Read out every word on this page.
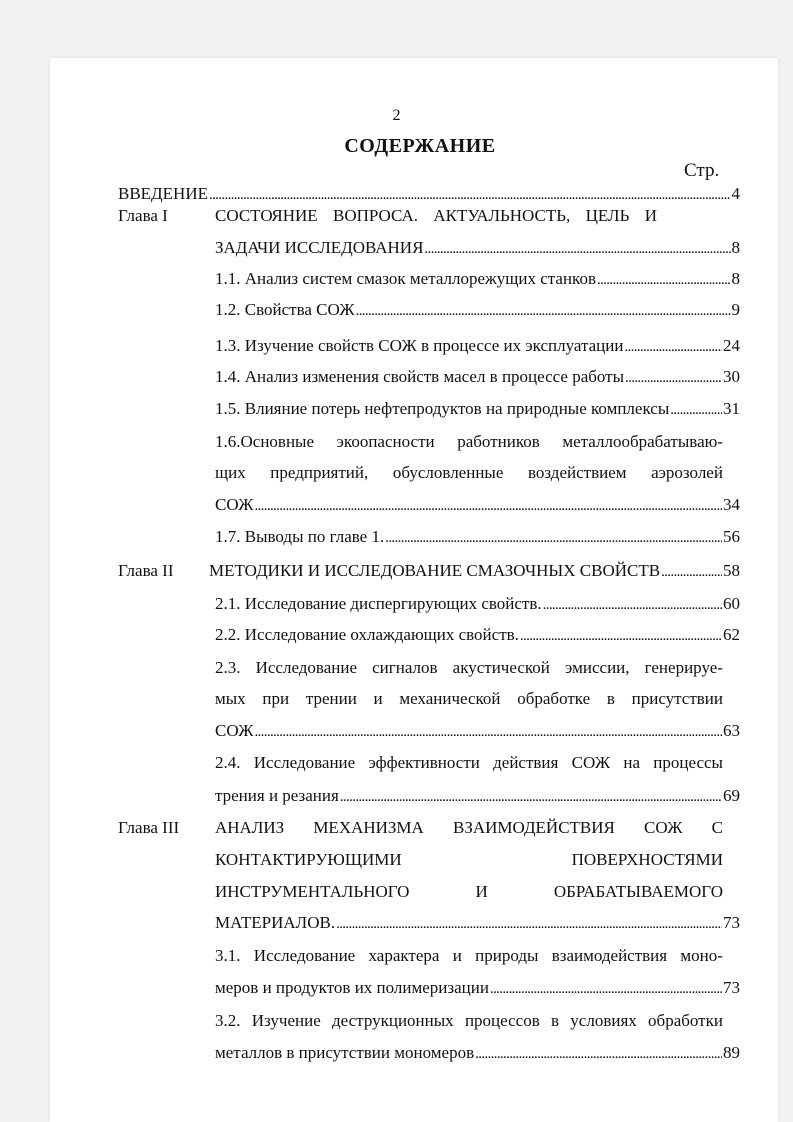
2
СОДЕРЖАНИЕ
Стр.
ВВЕДЕНИЕ . . .	4
Глава I	СОСТОЯНИЕ ВОПРОСА. АКТУАЛЬНОСТЬ, ЦЕЛЬ И
ЗАДАЧИ ИССЛЕДОВАНИЯ . . .	8
1.1. Анализ систем смазок металлорежущих станков . . .	8
1.2. Свойства СОЖ . . .	9
1.3. Изучение свойств СОЖ в процессе их эксплуатации . . .	24
1.4. Анализ изменения свойств масел в процессе работы . . .	30
1.5. Влияние потерь нефтепродуктов на природные комплексы . . .	31
1.6.Основные экоопасности работников металлообрабатываю-
щих предприятий, обусловленные воздействием аэрозолей
СОЖ . . .	34
1.7. Выводы по главе 1. . . .	56
Глава II МЕТОДИКИ И ИССЛЕДОВАНИЕ СМАЗОЧНЫХ СВОЙСТВ . . .	58
2.1. Исследование диспергирующих свойств. . . .	60
2.2. Исследование охлаждающих свойств. . . .	62
2.3. Исследование сигналов акустической эмиссии, генерируе-
мых при трении и механической обработке в присутствии
СОЖ . . .	63
2.4. Исследование эффективности действия СОЖ на процессы
трения и резания . . .	69
Глава III АНАЛИЗ МЕХАНИЗМА ВЗАИМОДЕЙСТВИЯ СОЖ С
КОНТАКТИРУЮЩИМИ	ПОВЕРХНОСТЯМИ
ИНСТРУМЕНТАЛЬНОГО	И	ОБРАБАТЫВАЕМОГО
МАТЕРИАЛОВ. . . .	73
3.1. Исследование характера и природы взаимодействия моно-
меров и продуктов их полимеризации . . .	73
3.2. Изучение деструкционных процессов в условиях обработки
металлов в присутствии мономеров . . .	89
